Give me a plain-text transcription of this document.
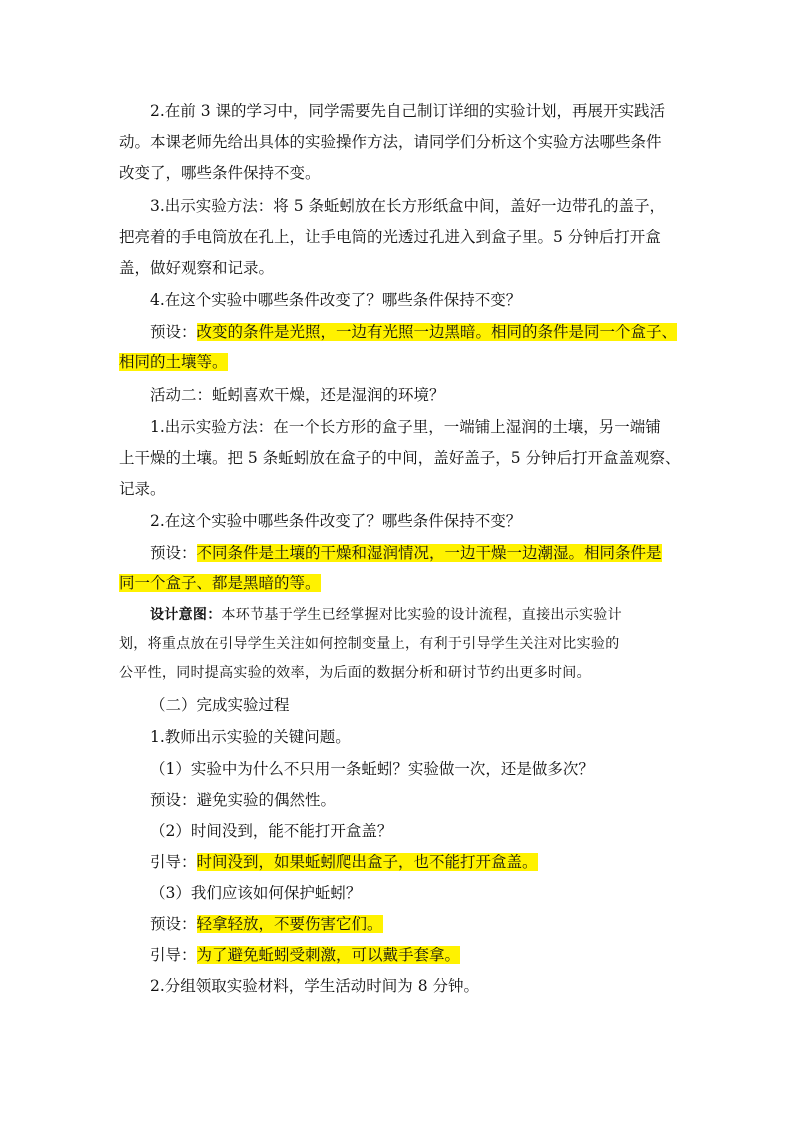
2.在前 3 课的学习中，同学需要先自己制订详细的实验计划，再展开实践活
动。本课老师先给出具体的实验操作方法，请同学们分析这个实验方法哪些条件
改变了，哪些条件保持不变。
3.出示实验方法：将 5 条蚯蚓放在长方形纸盒中间，盖好一边带孔的盖子，
把亮着的手电筒放在孔上，让手电筒的光透过孔进入到盒子里。5 分钟后打开盒
盖，做好观察和记录。
4.在这个实验中哪些条件改变了？哪些条件保持不变？
预设：改变的条件是光照，一边有光照一边黑暗。相同的条件是同一个盒子、
相同的土壤等。
活动二：蚯蚓喜欢干燥，还是湿润的环境？
1.出示实验方法：在一个长方形的盒子里，一端铺上湿润的土壤，另一端铺
上干燥的土壤。把 5 条蚯蚓放在盒子的中间，盖好盖子，5 分钟后打开盒盖观察、
记录。
2.在这个实验中哪些条件改变了？哪些条件保持不变？
预设：不同条件是土壤的干燥和湿润情况，一边干燥一边潮湿。相同条件是
同一个盒子、都是黑暗的等。
设计意图：本环节基于学生已经掌握对比实验的设计流程，直接出示实验计
划，将重点放在引导学生关注如何控制变量上，有利于引导学生关注对比实验的
公平性，同时提高实验的效率，为后面的数据分析和研讨节约出更多时间。
（二）完成实验过程
1.教师出示实验的关键问题。
（1）实验中为什么不只用一条蚯蚓？实验做一次，还是做多次？
预设：避免实验的偶然性。
（2）时间没到，能不能打开盒盖？
引导：时间没到，如果蚯蚓爬出盒子，也不能打开盒盖。
（3）我们应该如何保护蚯蚓？
预设：轻拿轻放，不要伤害它们。
引导：为了避免蚯蚓受刺激，可以戴手套拿。
2.分组领取实验材料，学生活动时间为 8 分钟。
